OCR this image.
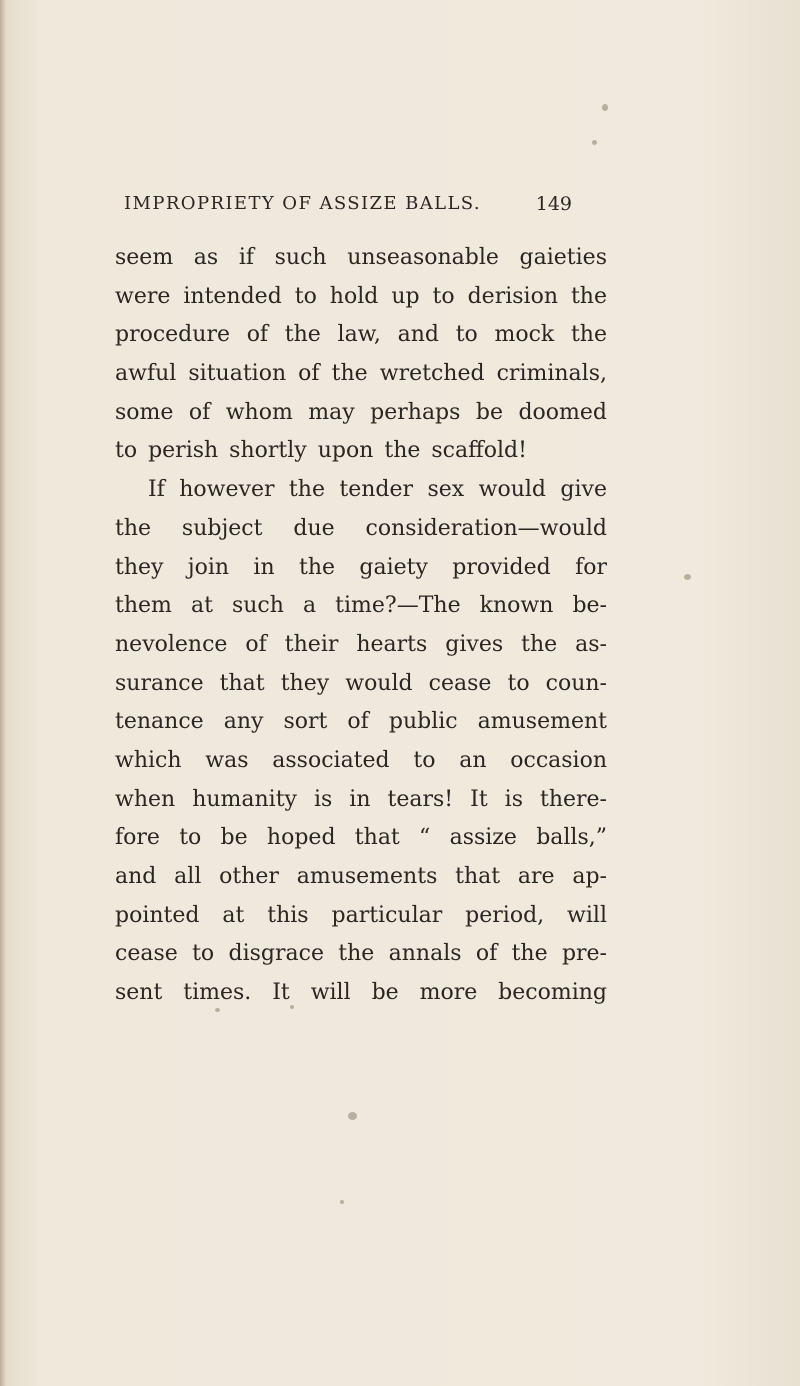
IMPROPRIETY OF ASSIZE BALLS.	149
seem as if such unseasonable gaieties
were intended to hold up to derision the
procedure of the law, and to mock the
awful situation of the wretched criminals,
some of whom may perhaps be doomed
to perish shortly upon the scaffold!
If however the tender sex would give
the subject due consideration—would
they join in the gaiety provided for
them at such a time?—The known be-
nevolence of their hearts gives the as-
surance that they would cease to coun-
tenance any sort of public amusement
which was associated to an occasion
when humanity is in tears! It is there-
fore to be hoped that “ assize balls,”
and all other amusements that are ap-
pointed at this particular period, will
cease to disgrace the annals of the pre-
sent times. It will be more becoming
